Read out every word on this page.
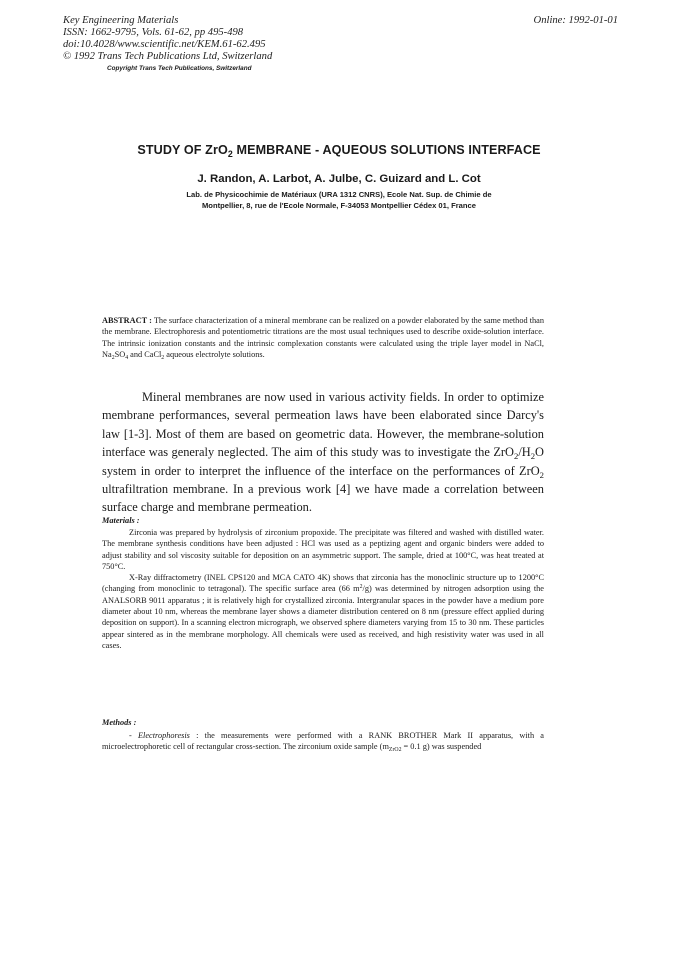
Key Engineering Materials
ISSN: 1662-9795, Vols. 61-62, pp 495-498
doi:10.4028/www.scientific.net/KEM.61-62.495
© 1992 Trans Tech Publications Ltd, Switzerland
Online: 1992-01-01
Copyright Trans Tech Publications, Switzerland
STUDY OF ZrO$_2$ MEMBRANE - AQUEOUS SOLUTIONS INTERFACE
J. Randon, A. Larbot, A. Julbe, C. Guizard and L. Cot
Lab. de Physicochimie de Matériaux (URA 1312 CNRS), Ecole Nat. Sup. de Chimie de
Montpellier, 8, rue de l'Ecole Normale, F-34053 Montpellier Cédex 01, France

ABSTRACT : The surface characterization of a mineral membrane can be realized on a powder elaborated by the same method than the membrane. Electrophoresis and potentiometric titrations are the most usual techniques used to describe oxide-solution interface. The intrinsic ionization constants and the intrinsic complexation constants were calculated using the triple layer model in NaCl, $Na_2SO_4$ and CaCl$_2$ aqueous electrolyte solutions.

Mineral membranes are now used in various activity fields. In order to optimize membrane performances, several permeation laws have been elaborated since Darcy's law [1-3]. Most of them are based on geometric data. However, the membrane-solution interface was generaly neglected. The aim of this study was to investigate the $ZrO_2/H_2O$ system in order to interpret the influence of the interface on the performances of ZrO$_2$ ultrafiltration membrane. In a previous work [4] we have made a correlation between surface charge and membrane permeation.

Materials :

Zirconia was prepared by hydrolysis of zirconium propoxide. The precipitate was filtered and washed with distilled water. The membrane synthesis conditions have been adjusted : HCl was used as a peptizing agent and organic binders were added to adjust stability and sol viscosity suitable for deposition on an asymmetric support. The sample, dried at 100°C, was heat treated at 750°C.

X-Ray diffractometry (INEL CPS120 and MCA CATO 4K) shows that zirconia has the monoclinic structure up to 1200°C (changing from monoclinic to tetragonal). The specific surface area (66 $m^2/g$) was determined by nitrogen adsorption using the ANALSORB 9011 apparatus ; it is relatively high for crystallized zirconia. Intergranular spaces in the powder have a medium pore diameter about 10 nm, whereas the membrane layer shows a diameter distribution centered on 8 nm (pressure effect applied during deposition on support). In a scanning electron micrograph, we observed sphere diameters varying from 15 to 30 nm. These particles appear sintered as in the membrane morphology. All chemicals were used as received, and high resistivity water was used in all cases.

Methods :

- Electrophoresis : the measurements were performed with a RANK BROTHER Mark II apparatus, with a microelectrophoretic cell of rectangular cross-section. The zirconium oxide sample ($m_{ZrO2} = 0.1$ g) was suspended
